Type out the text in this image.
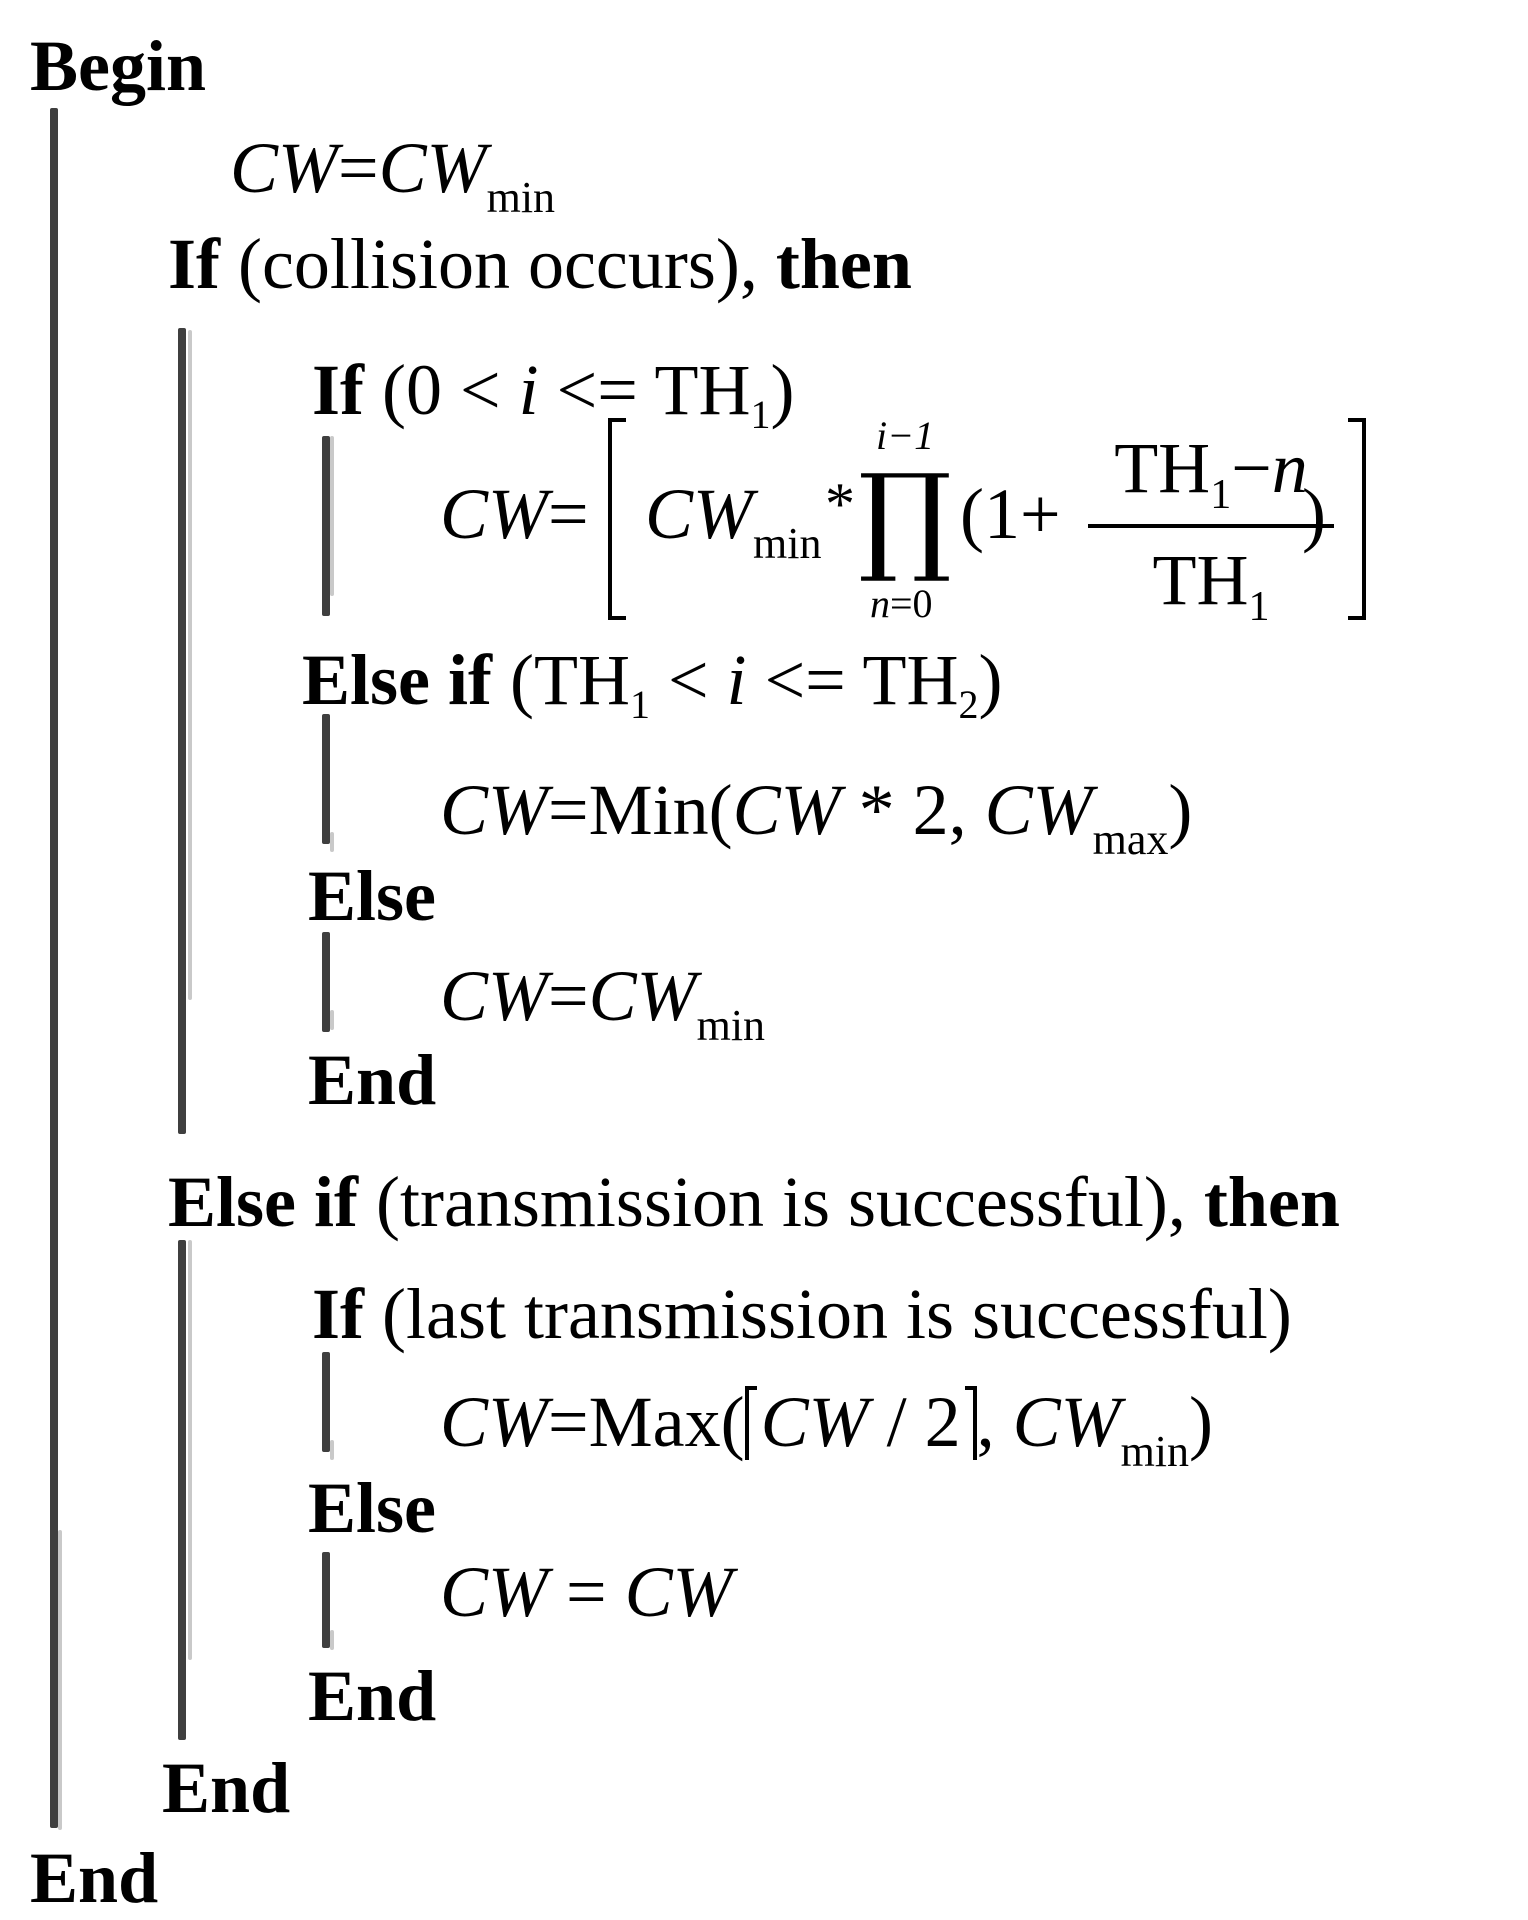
Begin
$CW=CW_{min}$
If (collision occurs), then
If (0 < i <= TH1)
$CW= CW_{min}$
*
i−1
∏
n=0
(1+
$TH_1-n$
$TH_1$
)
Else if (TH1 < i <= TH2)
CW=Min(CW * 2, $CW_{max}$)
Else
$CW=CW_{min}$
End
Else if (transmission is successful), then
If (last transmission is successful)
CW=Max( CW / 2 , $CW_{min}$)
Else
CW = CW
End
End
End
